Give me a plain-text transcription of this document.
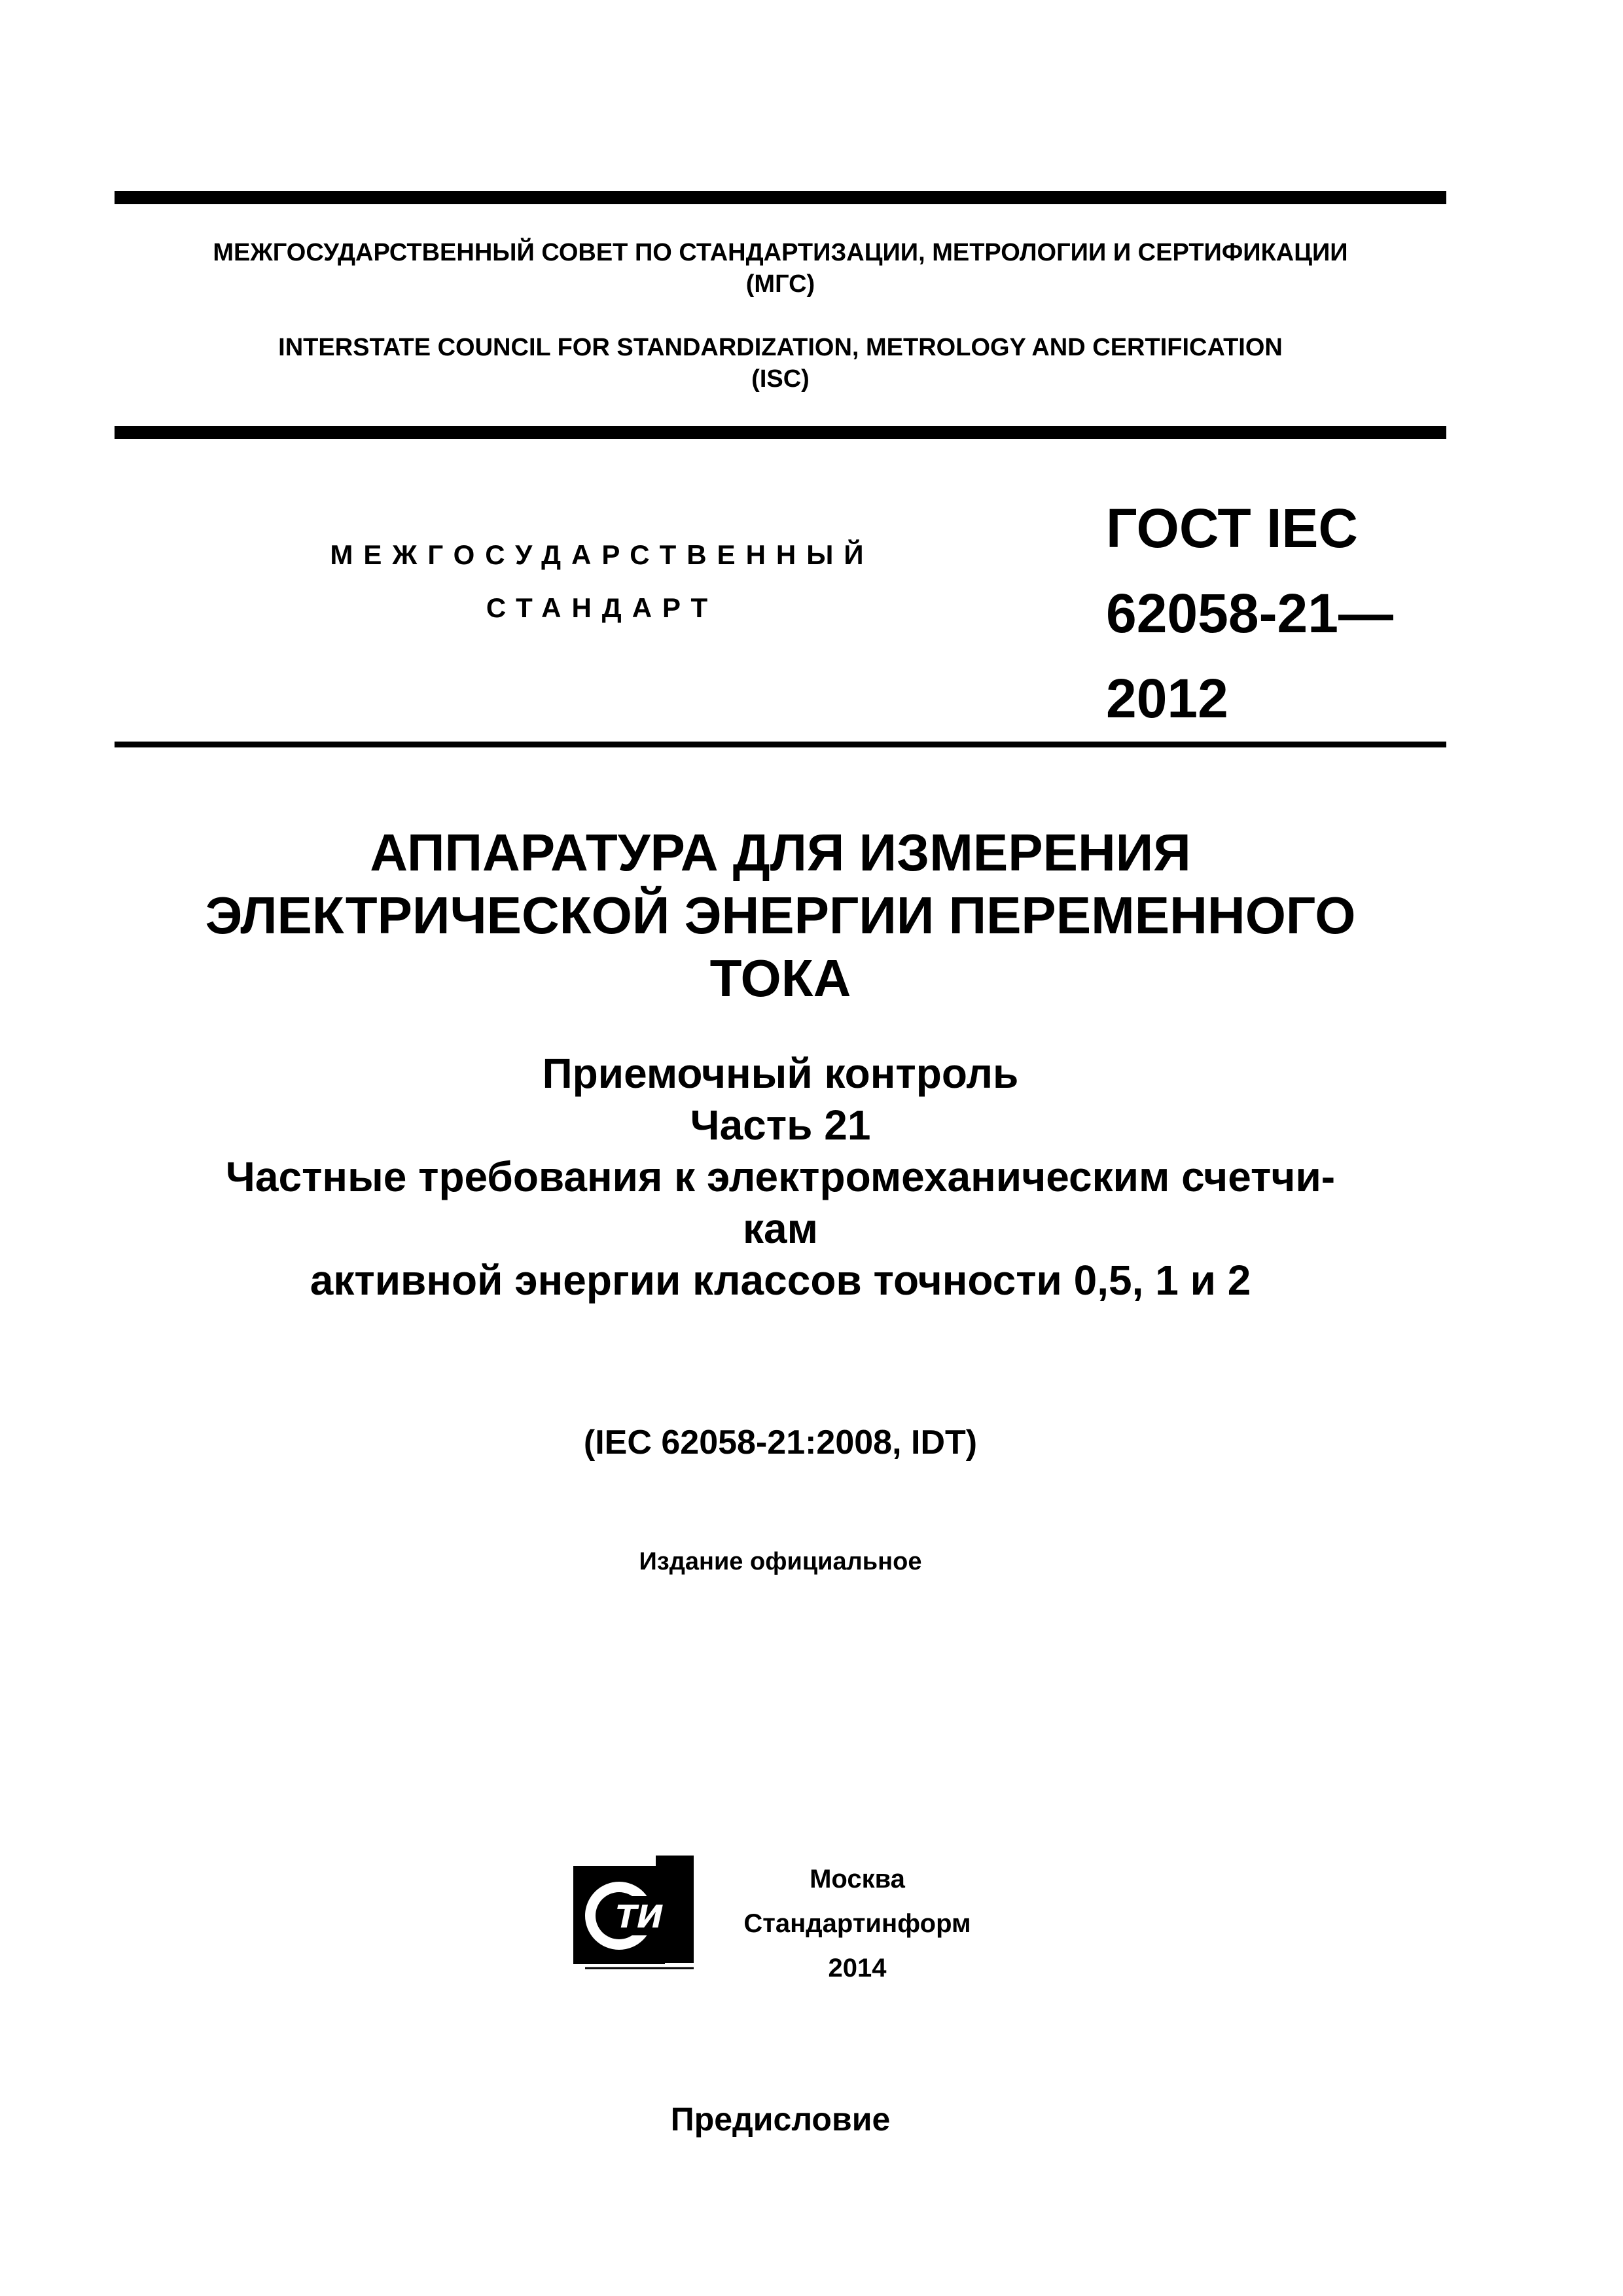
МЕЖГОСУДАРСТВЕННЫЙ СОВЕТ ПО СТАНДАРТИЗАЦИИ, МЕТРОЛОГИИ И СЕРТИФИКАЦИИ
(МГС)
INTERSTATE COUNCIL FOR STANDARDIZATION, METROLOGY AND CERTIFICATION
(ISC)
МЕЖГОСУДАРСТВЕННЫЙ
СТАНДАРТ
ГОСТ IEC
62058-21—
2012
АППАРАТУРА ДЛЯ ИЗМЕРЕНИЯ
ЭЛЕКТРИЧЕСКОЙ ЭНЕРГИИ ПЕРЕМЕННОГО
ТОКА
Приемочный контроль
Часть 21
Частные требования к электромеханическим счетчи-
кам
активной энергии классов точности 0,5, 1 и 2
(IEC 62058-21:2008, IDT)
Издание официальное
ТИ
Москва
Стандартинформ
2014
Предисловие
